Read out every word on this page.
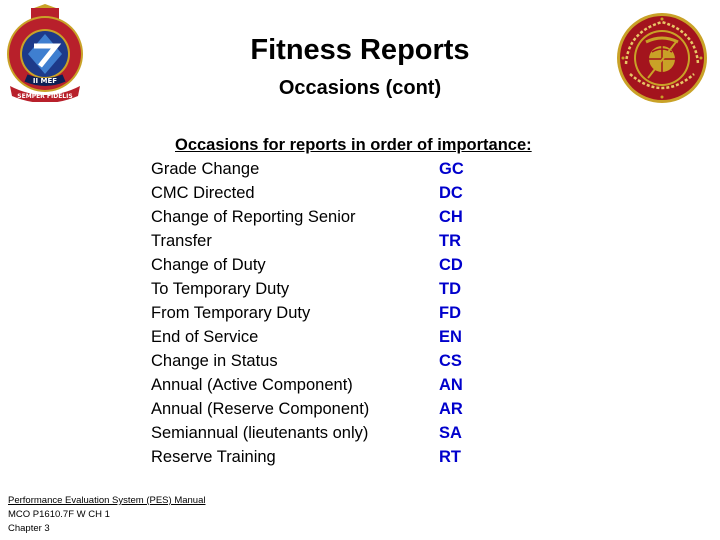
II MEF
SEMPER FIDELIS
Fitness Reports
Occasions (cont)
Occasions for reports in order of importance:
Grade Change	GC
CMC Directed	DC
Change of Reporting Senior	CH
Transfer	TR
Change of Duty	CD
To Temporary Duty	TD
From Temporary Duty	FD
End of Service	EN
Change in Status	CS
Annual (Active Component)	AN
Annual (Reserve Component)	AR
Semiannual (lieutenants only)	SA
Reserve Training	RT
Performance Evaluation System (PES) Manual
MCO P1610.7F W CH 1
Chapter 3
